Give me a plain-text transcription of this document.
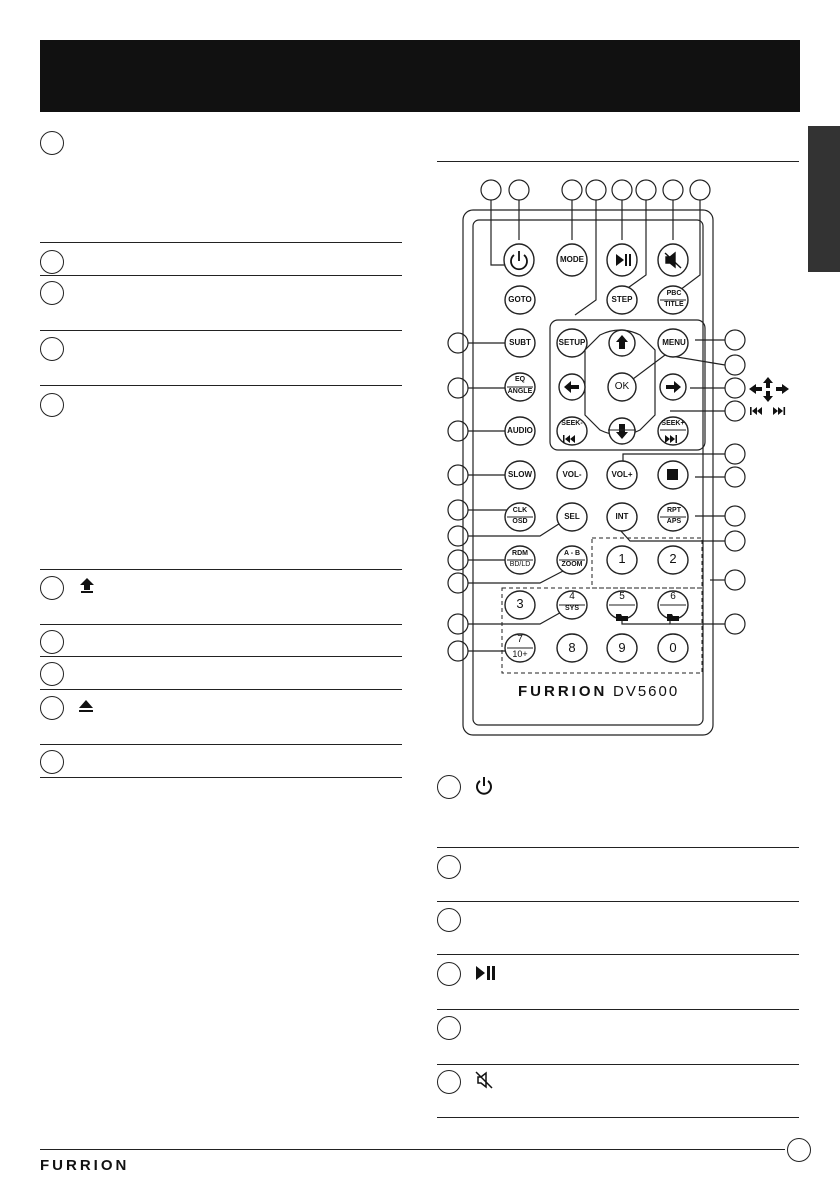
MODE
GOTO	STEP
PBC
TITLE
SUBT	SETUP	MENU
OK
EQ
ANGLE
AUDIO
SEEK-	SEEK+
SLOW	VOL-	VOL+
CLK
OSD
SEL	INT
RPT
APS
RDM
BD/LD
A - B
ZOOM	1	2
3	4
SYS
5	6
7
10+	8	9	0
FURRION DV5600
FURRION
